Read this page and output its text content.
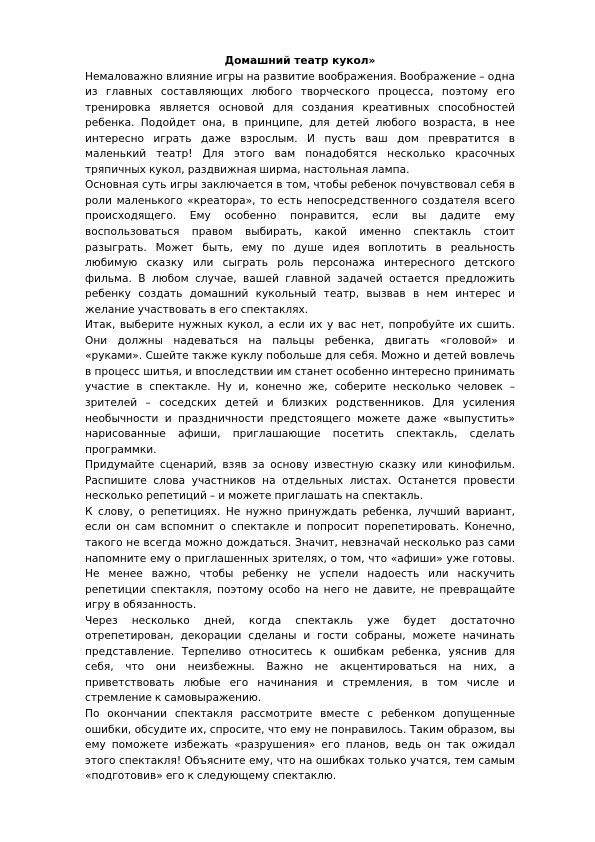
Домашний театр кукол»

Немаловажно влияние игры на развитие воображения. Воображение – одна из главных составляющих любого творческого процесса, поэтому его тренировка является основой для создания креативных способностей ребенка. Подойдет она, в принципе, для детей любого возраста, в нее интересно играть даже взрослым. И пусть ваш дом превратится в маленький театр! Для этого вам понадобятся несколько красочных тряпичных кукол, раздвижная ширма, настольная лампа.

Основная суть игры заключается в том, чтобы ребенок почувствовал себя в роли маленького «креатора», то есть непосредственного создателя всего происходящего. Ему особенно понравится, если вы дадите ему воспользоваться правом выбирать, какой именно спектакль стоит разыграть. Может быть, ему по душе идея воплотить в реальность любимую сказку или сыграть роль персонажа интересного детского фильма. В любом случае, вашей главной задачей остается предложить ребенку создать домашний кукольный театр, вызвав в нем интерес и желание участвовать в его спектаклях.

Итак, выберите нужных кукол, а если их у вас нет, попробуйте их сшить. Они должны надеваться на пальцы ребенка, двигать «головой» и «руками». Сшейте также куклу побольше для себя. Можно и детей вовлечь в процесс шитья, и впоследствии им станет особенно интересно принимать участие в спектакле. Ну и, конечно же, соберите несколько человек – зрителей – соседских детей и близких родственников. Для усиления необычности и праздничности предстоящего можете даже «выпустить» нарисованные афиши, приглашающие посетить спектакль, сделать программки.

Придумайте сценарий, взяв за основу известную сказку или кинофильм. Распишите слова участников на отдельных листах. Останется провести несколько репетиций – и можете приглашать на спектакль.

К слову, о репетициях. Не нужно принуждать ребенка, лучший вариант, если он сам вспомнит о спектакле и попросит порепетировать. Конечно, такого не всегда можно дождаться. Значит, невзначай несколько раз сами напомните ему о приглашенных зрителях, о том, что «афиши» уже готовы. Не менее важно, чтобы ребенку не успели надоесть или наскучить репетиции спектакля, поэтому особо на него не давите, не превращайте игру в обязанность.

Через несколько дней, когда спектакль уже будет достаточно отрепетирован, декорации сделаны и гости собраны, можете начинать представление. Терпеливо относитесь к ошибкам ребенка, уяснив для себя, что они неизбежны. Важно не акцентироваться на них, а приветствовать любые его начинания и стремления, в том числе и стремление к самовыражению.

По окончании спектакля рассмотрите вместе с ребенком допущенные ошибки, обсудите их, спросите, что ему не понравилось. Таким образом, вы ему поможете избежать «разрушения» его планов, ведь он так ожидал этого спектакля! Объясните ему, что на ошибках только учатся, тем самым «подготовив» его к следующему спектаклю.
